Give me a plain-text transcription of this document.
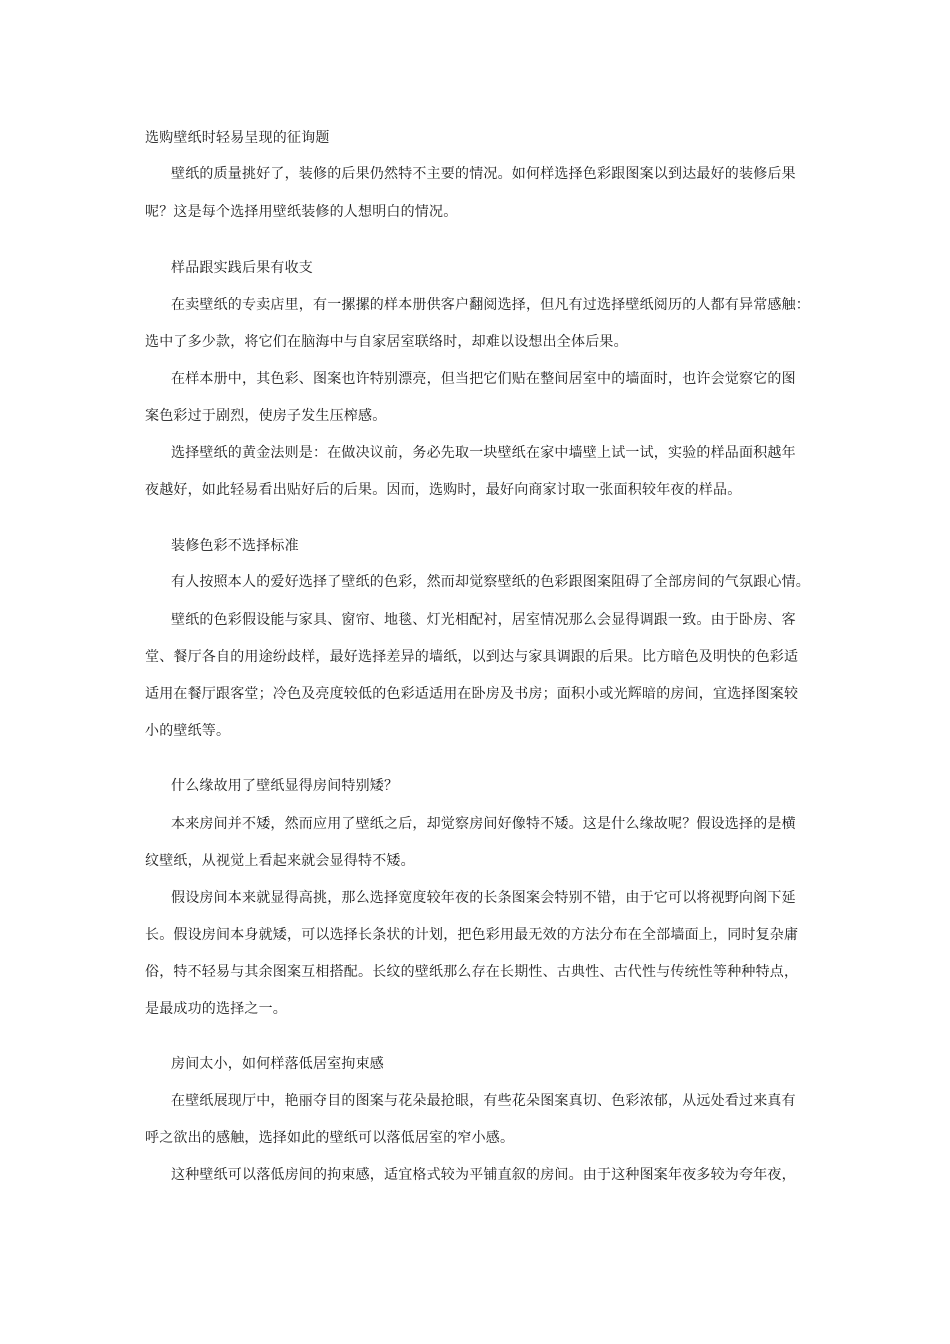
选购壁纸时轻易呈现的征询题
壁纸的质量挑好了，装修的后果仍然特不主要的情况。如何样选择色彩跟图案以到达最好的装修后果
呢？这是每个选择用壁纸装修的人想明白的情况。
样品跟实践后果有收支
在卖壁纸的专卖店里，有一摞摞的样本册供客户翻阅选择，但凡有过选择壁纸阅历的人都有异常感触：
选中了多少款，将它们在脑海中与自家居室联络时，却难以设想出全体后果。
在样本册中，其色彩、图案也许特别漂亮，但当把它们贴在整间居室中的墙面时，也许会觉察它的图
案色彩过于剧烈，使房子发生压榨感。
选择壁纸的黄金法则是：在做决议前，务必先取一块壁纸在家中墙壁上试一试，实验的样品面积越年
夜越好，如此轻易看出贴好后的后果。因而，选购时，最好向商家讨取一张面积较年夜的样品。
装修色彩不选择标准
有人按照本人的爱好选择了壁纸的色彩，然而却觉察壁纸的色彩跟图案阻碍了全部房间的气氛跟心情。
壁纸的色彩假设能与家具、窗帘、地毯、灯光相配衬，居室情况那么会显得调跟一致。由于卧房、客
堂、餐厅各自的用途纷歧样，最好选择差异的墙纸，以到达与家具调跟的后果。比方暗色及明快的色彩适
适用在餐厅跟客堂；冷色及亮度较低的色彩适适用在卧房及书房；面积小或光辉暗的房间，宜选择图案较
小的壁纸等。
什么缘故用了壁纸显得房间特别矮？
本来房间并不矮，然而应用了壁纸之后，却觉察房间好像特不矮。这是什么缘故呢？假设选择的是横
纹壁纸，从视觉上看起来就会显得特不矮。
假设房间本来就显得高挑，那么选择宽度较年夜的长条图案会特别不错，由于它可以将视野向阁下延
长。假设房间本身就矮，可以选择长条状的计划，把色彩用最无效的方法分布在全部墙面上，同时复杂庸
俗，特不轻易与其余图案互相搭配。长纹的壁纸那么存在长期性、古典性、古代性与传统性等种种特点，
是最成功的选择之一。
房间太小，如何样落低居室拘束感
在壁纸展现厅中，艳丽夺目的图案与花朵最抢眼，有些花朵图案真切、色彩浓郁，从远处看过来真有
呼之欲出的感触，选择如此的壁纸可以落低居室的窄小感。
这种壁纸可以落低房间的拘束感，适宜格式较为平铺直叙的房间。由于这种图案年夜多较为夸年夜，
